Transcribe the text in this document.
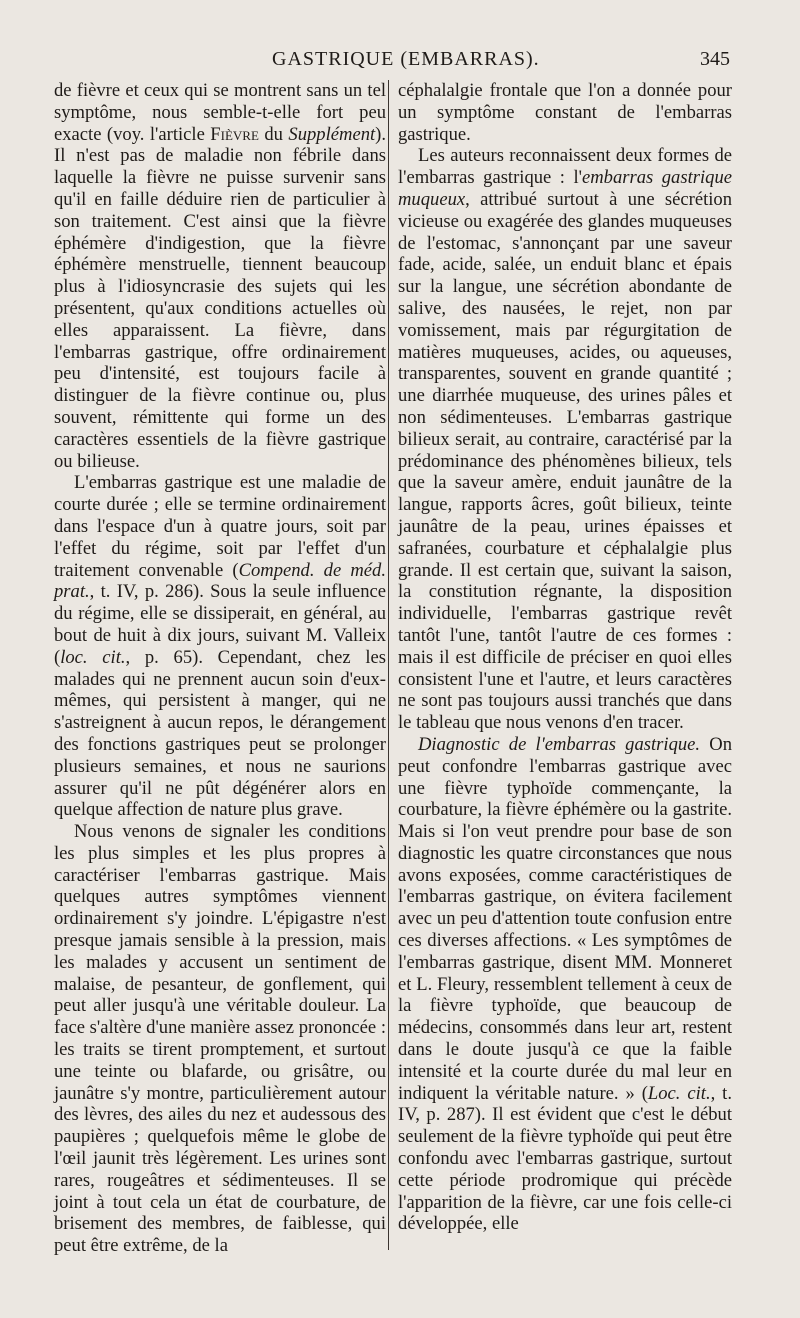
GASTRIQUE (EMBARRAS).	345

de fièvre et ceux qui se montrent sans un tel symptôme, nous semble-t-elle fort peu exacte (voy. l'article Fièvre du Supplément). Il n'est pas de maladie non fébrile dans laquelle la fièvre ne puisse survenir sans qu'il en faille déduire rien de particulier à son traitement. C'est ainsi que la fièvre éphémère d'indigestion, que la fièvre éphémère menstruelle, tiennent beaucoup plus à l'idiosyncrasie des sujets qui les présentent, qu'aux conditions actuelles où elles apparaissent. La fièvre, dans l'embarras gastrique, offre ordinairement peu d'intensité, est toujours facile à distinguer de la fièvre continue ou, plus souvent, rémittente qui forme un des caractères essentiels de la fièvre gastrique ou bilieuse.

L'embarras gastrique est une maladie de courte durée ; elle se termine ordinairement dans l'espace d'un à quatre jours, soit par l'effet du régime, soit par l'effet d'un traitement convenable (Compend. de méd. prat., t. IV, p. 286). Sous la seule influence du régime, elle se dissiperait, en général, au bout de huit à dix jours, suivant M. Valleix (loc. cit., p. 65). Cependant, chez les malades qui ne prennent aucun soin d'eux-mêmes, qui persistent à manger, qui ne s'astreignent à aucun repos, le dérangement des fonctions gastriques peut se prolonger plusieurs semaines, et nous ne saurions assurer qu'il ne pût dégénérer alors en quelque affection de nature plus grave.

Nous venons de signaler les conditions les plus simples et les plus propres à caractériser l'embarras gastrique. Mais quelques autres symptômes viennent ordinairement s'y joindre. L'épigastre n'est presque jamais sensible à la pression, mais les malades y accusent un sentiment de malaise, de pesanteur, de gonflement, qui peut aller jusqu'à une véritable douleur. La face s'altère d'une manière assez prononcée : les traits se tirent promptement, et surtout une teinte ou blafarde, ou grisâtre, ou jaunâtre s'y montre, particulièrement autour des lèvres, des ailes du nez et audessous des paupières ; quelquefois même le globe de l'œil jaunit très légèrement. Les urines sont rares, rougeâtres et sédimenteuses. Il se joint à tout cela un état de courbature, de brisement des membres, de faiblesse, qui peut être extrême, de la

céphalalgie frontale que l'on a donnée pour un symptôme constant de l'embarras gastrique.

Les auteurs reconnaissent deux formes de l'embarras gastrique : l'embarras gastrique muqueux, attribué surtout à une sécrétion vicieuse ou exagérée des glandes muqueuses de l'estomac, s'annonçant par une saveur fade, acide, salée, un enduit blanc et épais sur la langue, une sécrétion abondante de salive, des nausées, le rejet, non par vomissement, mais par régurgitation de matières muqueuses, acides, ou aqueuses, transparentes, souvent en grande quantité ; une diarrhée muqueuse, des urines pâles et non sédimenteuses. L'embarras gastrique bilieux serait, au contraire, caractérisé par la prédominance des phénomènes bilieux, tels que la saveur amère, enduit jaunâtre de la langue, rapports âcres, goût bilieux, teinte jaunâtre de la peau, urines épaisses et safranées, courbature et céphalalgie plus grande. Il est certain que, suivant la saison, la constitution régnante, la disposition individuelle, l'embarras gastrique revêt tantôt l'une, tantôt l'autre de ces formes : mais il est difficile de préciser en quoi elles consistent l'une et l'autre, et leurs caractères ne sont pas toujours aussi tranchés que dans le tableau que nous venons d'en tracer.

Diagnostic de l'embarras gastrique. On peut confondre l'embarras gastrique avec une fièvre typhoïde commençante, la courbature, la fièvre éphémère ou la gastrite. Mais si l'on veut prendre pour base de son diagnostic les quatre circonstances que nous avons exposées, comme caractéristiques de l'embarras gastrique, on évitera facilement avec un peu d'attention toute confusion entre ces diverses affections. « Les symptômes de l'embarras gastrique, disent MM. Monneret et L. Fleury, ressemblent tellement à ceux de la fièvre typhoïde, que beaucoup de médecins, consommés dans leur art, restent dans le doute jusqu'à ce que la faible intensité et la courte durée du mal leur en indiquent la véritable nature. » (Loc. cit., t. IV, p. 287). Il est évident que c'est le début seulement de la fièvre typhoïde qui peut être confondu avec l'embarras gastrique, surtout cette période prodromique qui précède l'apparition de la fièvre, car une fois celle-ci développée, elle
